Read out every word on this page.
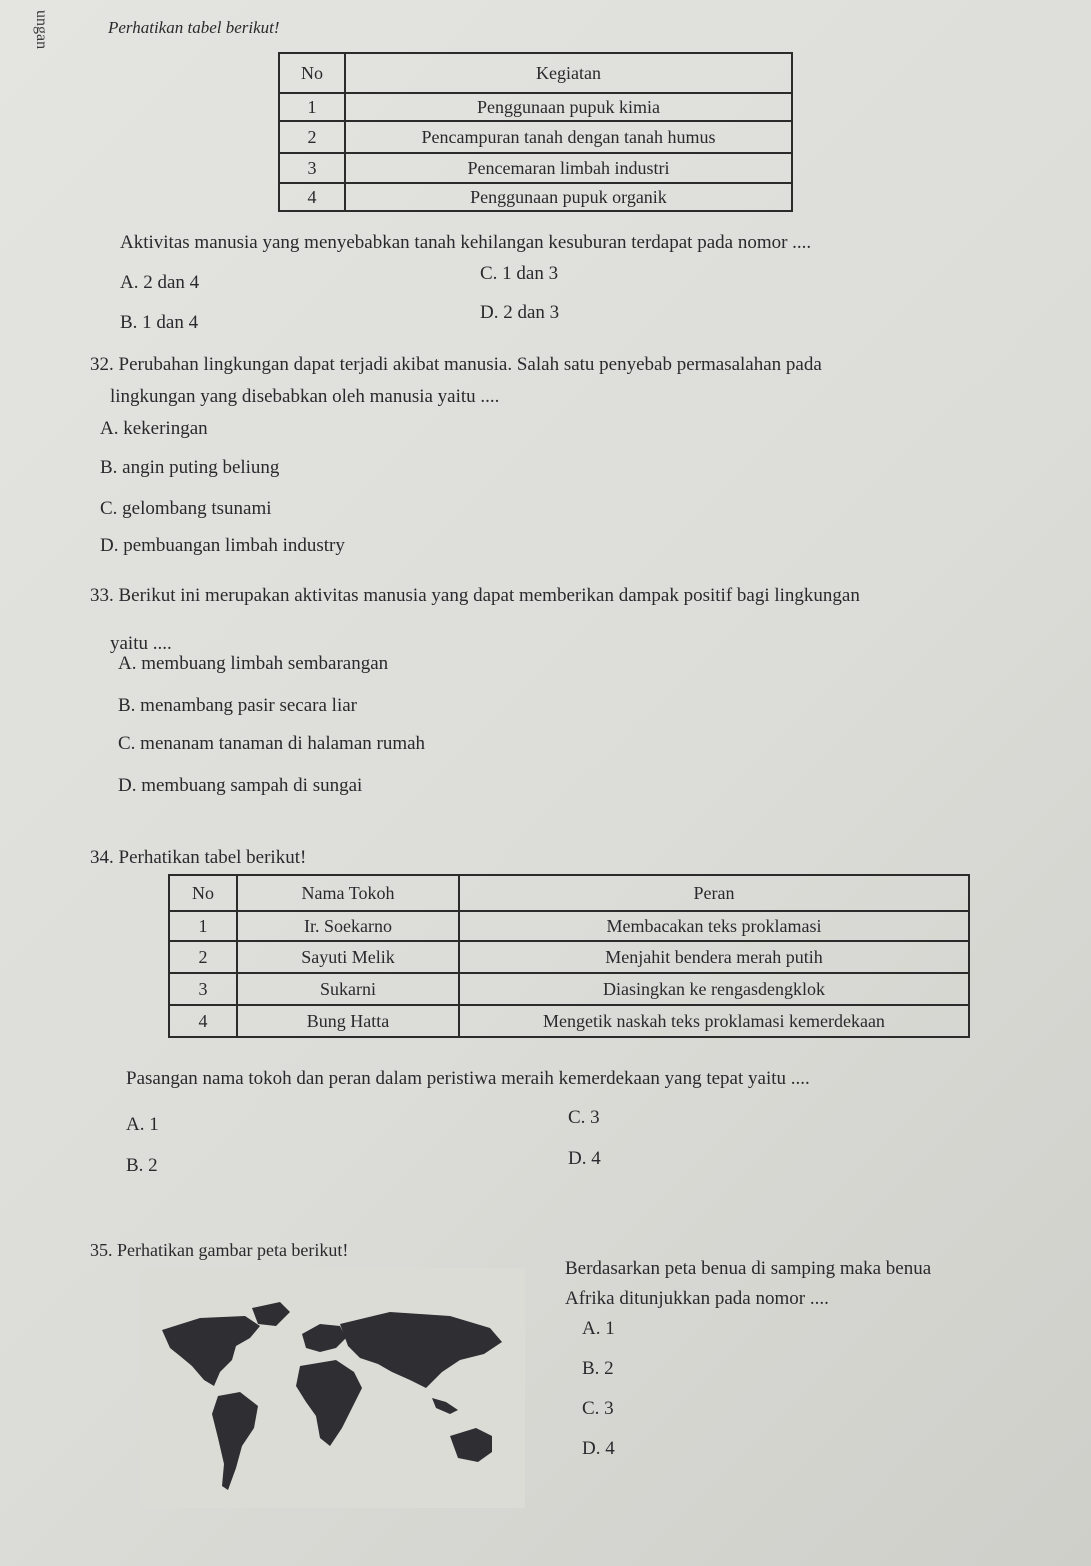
ungan	Perhatikan tabel berikut!
No	Kegiatan
1	Penggunaan pupuk kimia
2	Pencampuran tanah dengan tanah humus
3	Pencemaran limbah industri
4	Penggunaan pupuk organik
Aktivitas manusia yang menyebabkan tanah kehilangan kesuburan terdapat pada nomor ....
A. 2 dan 4
B. 1 dan 4
C. 1 dan 3
D. 2 dan 3
32. Perubahan lingkungan dapat terjadi akibat manusia. Salah satu penyebab permasalahan pada
lingkungan yang disebabkan oleh manusia yaitu ....
A. kekeringan
B. angin puting beliung
C. gelombang tsunami
D. pembuangan limbah industry
33. Berikut ini merupakan aktivitas manusia yang dapat memberikan dampak positif bagi lingkungan
yaitu ....
A. membuang limbah sembarangan
B. menambang pasir secara liar
C. menanam tanaman di halaman rumah
D. membuang sampah di sungai
34. Perhatikan tabel berikut!
No	Nama Tokoh	Peran
1	Ir. Soekarno	Membacakan teks proklamasi
2	Sayuti Melik	Menjahit bendera merah putih
3	Sukarni	Diasingkan ke rengasdengklok
4	Bung Hatta	Mengetik naskah teks proklamasi kemerdekaan
Pasangan nama tokoh dan peran dalam peristiwa meraih kemerdekaan yang tepat yaitu ....
A. 1
B. 2
C. 3
D. 4
35. Perhatikan gambar peta berikut!
Berdasarkan peta benua di samping maka benua
Afrika ditunjukkan pada nomor ....
A. 1
B. 2
C. 3
D. 4
